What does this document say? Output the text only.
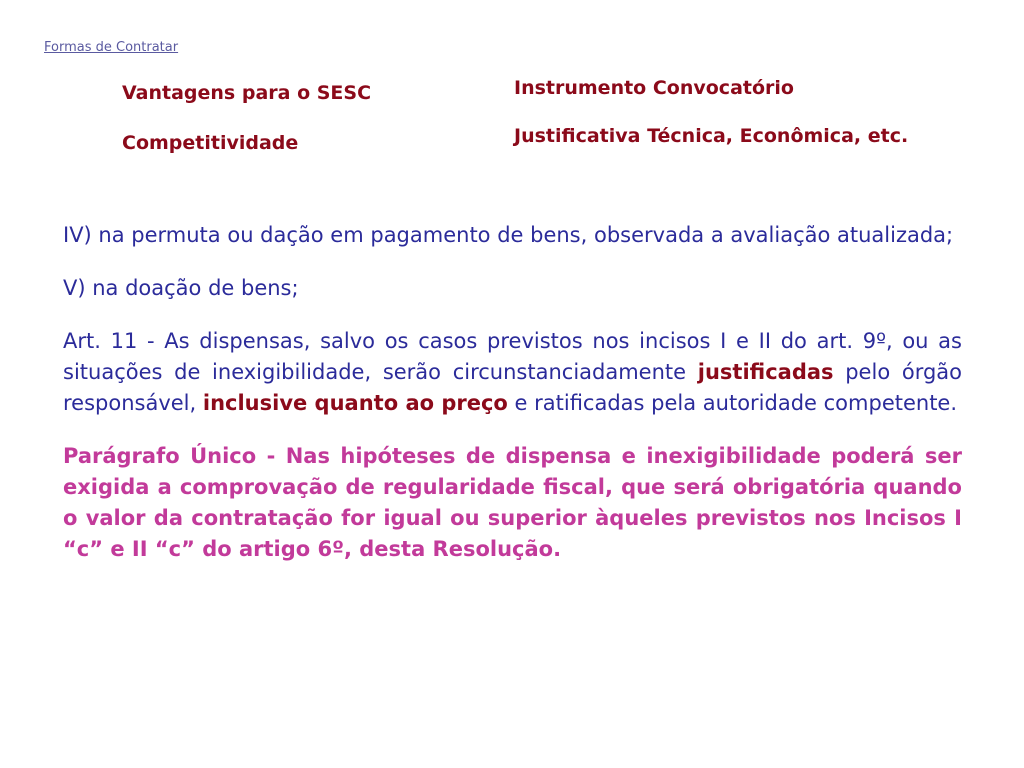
Formas de Contratar
Vantagens para o SESC
Competitividade
Instrumento Convocatório
Justificativa Técnica, Econômica, etc.

IV) na permuta ou dação em pagamento de bens, observada a avaliação atualizada;

V) na doação de bens;

Art. 11 - As dispensas, salvo os casos previstos nos incisos I e II do art. 9º, ou as situações de inexigibilidade, serão circunstanciadamente justificadas pelo órgão responsável, inclusive quanto ao preço e ratificadas pela autoridade competente.

Parágrafo Único - Nas hipóteses de dispensa e inexigibilidade poderá ser exigida a comprovação de regularidade fiscal, que será obrigatória quando o valor da contratação for igual ou superior àqueles previstos nos Incisos I “c” e II “c” do artigo 6º, desta Resolução.
